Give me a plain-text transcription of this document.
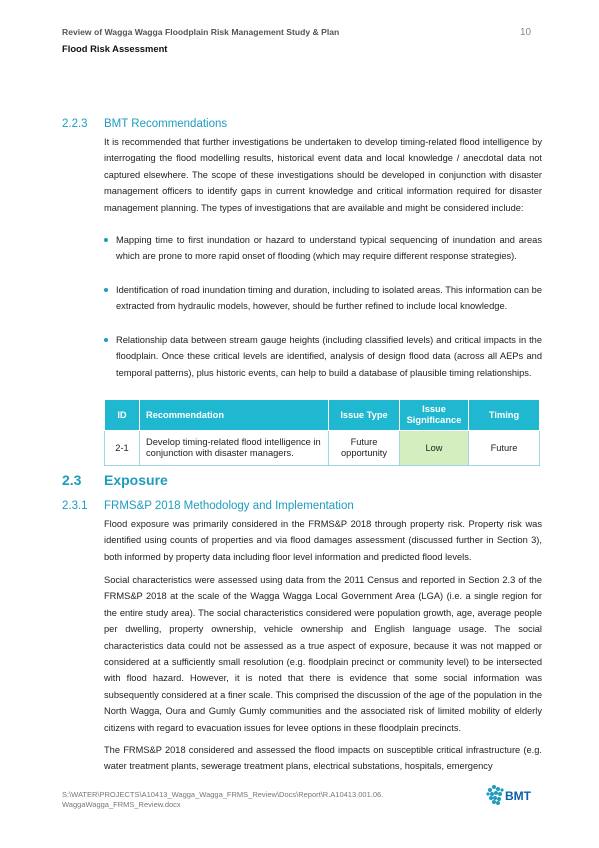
Review of Wagga Wagga Floodplain Risk Management Study & Plan
Flood Risk Assessment
10
2.2.3 BMT Recommendations
It is recommended that further investigations be undertaken to develop timing-related flood intelligence by interrogating the flood modelling results, historical event data and local knowledge / anecdotal data not captured elsewhere. The scope of these investigations should be developed in conjunction with disaster management officers to identify gaps in current knowledge and critical information required for disaster management planning. The types of investigations that are available and might be considered include:
Mapping time to first inundation or hazard to understand typical sequencing of inundation and areas which are prone to more rapid onset of flooding (which may require different response strategies).
Identification of road inundation timing and duration, including to isolated areas. This information can be extracted from hydraulic models, however, should be further refined to include local knowledge.
Relationship data between stream gauge heights (including classified levels) and critical impacts in the floodplain. Once these critical levels are identified, analysis of design flood data (across all AEPs and temporal patterns), plus historic events, can help to build a database of plausible timing relationships.
ID	Recommendation	Issue Type	Issue Significance	Timing
2-1	Develop timing-related flood intelligence in conjunction with disaster managers.	Future opportunity	Low	Future
2.3 Exposure
2.3.1 FRMS&P 2018 Methodology and Implementation
Flood exposure was primarily considered in the FRMS&P 2018 through property risk. Property risk was identified using counts of properties and via flood damages assessment (discussed further in Section 3), both informed by property data including floor level information and predicted flood levels.
Social characteristics were assessed using data from the 2011 Census and reported in Section 2.3 of the FRMS&P 2018 at the scale of the Wagga Wagga Local Government Area (LGA) (i.e. a single region for the entire study area). The social characteristics considered were population growth, age, average people per dwelling, property ownership, vehicle ownership and English language usage. The social characteristics data could not be assessed as a true aspect of exposure, because it was not mapped or considered at a sufficiently small resolution (e.g. floodplain precinct or community level) to be intersected with flood hazard. However, it is noted that there is evidence that some social information was subsequently considered at a finer scale. This comprised the discussion of the age of the population in the North Wagga, Oura and Gumly Gumly communities and the associated risk of limited mobility of elderly citizens with regard to evacuation issues for levee options in these floodplain precincts.
The FRMS&P 2018 considered and assessed the flood impacts on susceptible critical infrastructure (e.g. water treatment plants, sewerage treatment plans, electrical substations, hospitals, emergency
S:\WATER\PROJECTS\A10413_Wagga_Wagga_FRMS_Review\Docs\Report\R.A10413.001.06.
WaggaWagga_FRMS_Review.docx
BMT
